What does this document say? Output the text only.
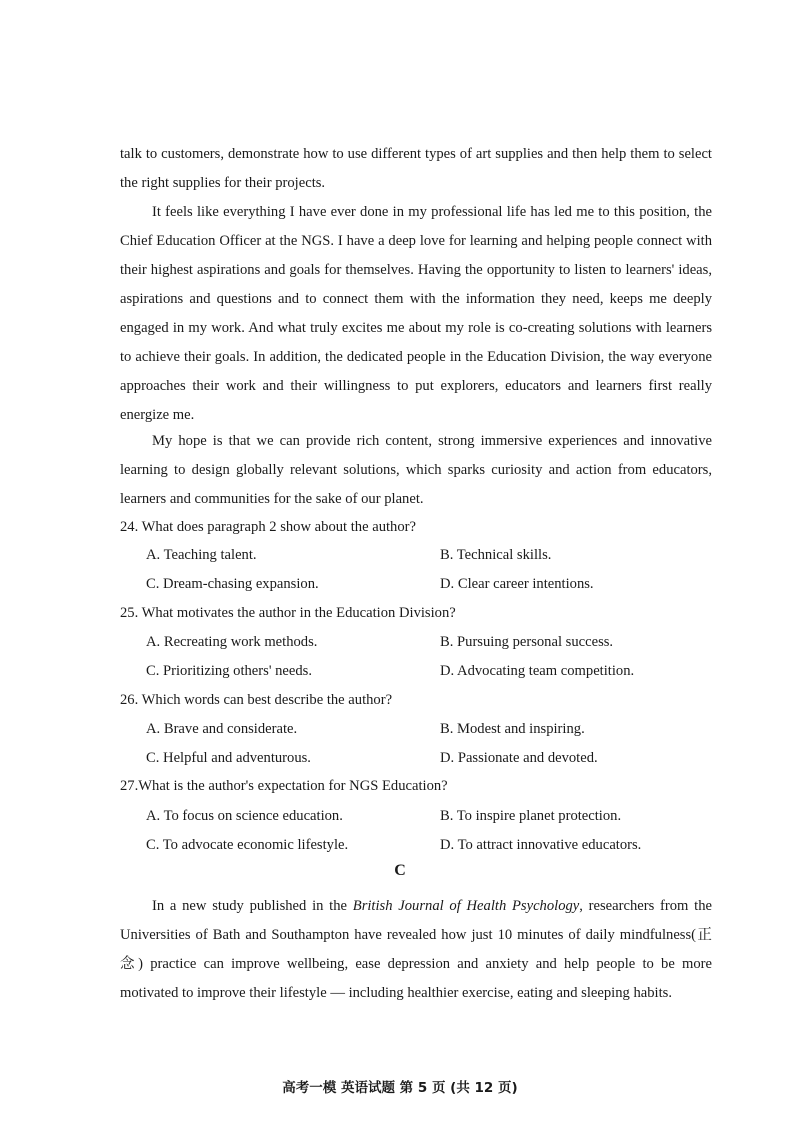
talk to customers, demonstrate how to use different types of art supplies and then help them to select the right supplies for their projects.

It feels like everything I have ever done in my professional life has led me to this position, the Chief Education Officer at the NGS. I have a deep love for learning and helping people connect with their highest aspirations and goals for themselves. Having the opportunity to listen to learners' ideas, aspirations and questions and to connect them with the information they need, keeps me deeply engaged in my work. And what truly excites me about my role is co-creating solutions with learners to achieve their goals. In addition, the dedicated people in the Education Division, the way everyone approaches their work and their willingness to put explorers, educators and learners first really energize me.

My hope is that we can provide rich content, strong immersive experiences and innovative learning to design globally relevant solutions, which sparks curiosity and action from educators, learners and communities for the sake of our planet.

24. What does paragraph 2 show about the author?

A. Teaching talent.	B. Technical skills.

C. Dream-chasing expansion.	D. Clear career intentions.

25. What motivates the author in the Education Division?

A. Recreating work methods.	B. Pursuing personal success.

C. Prioritizing others' needs.	D. Advocating team competition.

26. Which words can best describe the author?

A. Brave and considerate.	B. Modest and inspiring.

C. Helpful and adventurous.	D. Passionate and devoted.

27.What is the author's expectation for NGS Education?

A. To focus on science education.	B. To inspire planet protection.

C. To advocate economic lifestyle.	D. To attract innovative educators.

C

In a new study published in the British Journal of Health Psychology, researchers from the Universities of Bath and Southampton have revealed how just 10 minutes of daily mindfulness(正念) practice can improve wellbeing, ease depression and anxiety and help people to be more motivated to improve their lifestyle — including healthier exercise, eating and sleeping habits.

高考一模 英语试题 第 5 页 (共 12 页)
